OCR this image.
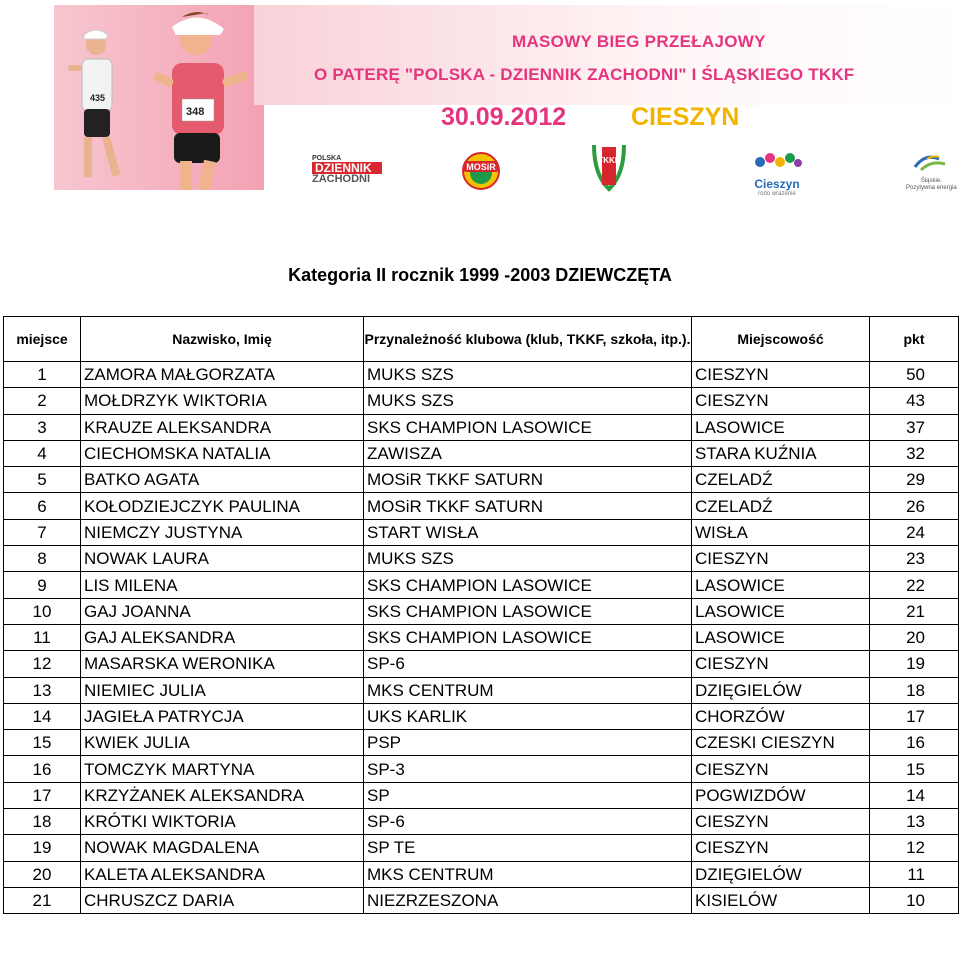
435
348
MASOWY BIEG PRZEŁAJOWY
O PATERĘ "POLSKA - DZIENNIK ZACHODNI" I ŚLĄSKIEGO TKKF
30.09.2012	CIESZYN
POLSKA
DZIENNIK
ZACHODNI
MOSiR
TKKF
Cieszyn
rodo wrażenie
Śląskie.
Pozytywna energia
Kategoria II rocznik 1999 -2003 DZIEWCZĘTA
miejsce	Nazwisko, Imię	Przynależność klubowa (klub, TKKF, szkoła, itp.).	Miejscowość	pkt
1	ZAMORA MAŁGORZATA	MUKS SZS	CIESZYN	50
2	MOŁDRZYK WIKTORIA	MUKS SZS	CIESZYN	43
3	KRAUZE ALEKSANDRA	SKS CHAMPION LASOWICE	LASOWICE	37
4	CIECHOMSKA NATALIA	ZAWISZA	STARA KUŹNIA	32
5	BATKO AGATA	MOSiR TKKF SATURN	CZELADŹ	29
6	KOŁODZIEJCZYK PAULINA	MOSiR TKKF SATURN	CZELADŹ	26
7	NIEMCZY JUSTYNA	START WISŁA	WISŁA	24
8	NOWAK LAURA	MUKS SZS	CIESZYN	23
9	LIS MILENA	SKS CHAMPION LASOWICE	LASOWICE	22
10	GAJ JOANNA	SKS CHAMPION LASOWICE	LASOWICE	21
11	GAJ ALEKSANDRA	SKS CHAMPION LASOWICE	LASOWICE	20
12	MASARSKA WERONIKA	SP-6	CIESZYN	19
13	NIEMIEC JULIA	MKS CENTRUM	DZIĘGIELÓW	18
14	JAGIEŁA PATRYCJA	UKS KARLIK	CHORZÓW	17
15	KWIEK JULIA	PSP	CZESKI CIESZYN	16
16	TOMCZYK MARTYNA	SP-3	CIESZYN	15
17	KRZYŻANEK ALEKSANDRA	SP	POGWIZDÓW	14
18	KRÓTKI WIKTORIA	SP-6	CIESZYN	13
19	NOWAK MAGDALENA	SP TE	CIESZYN	12
20	KALETA ALEKSANDRA	MKS CENTRUM	DZIĘGIELÓW	11
21	CHRUSZCZ DARIA	NIEZRZESZONA	KISIELÓW	10
